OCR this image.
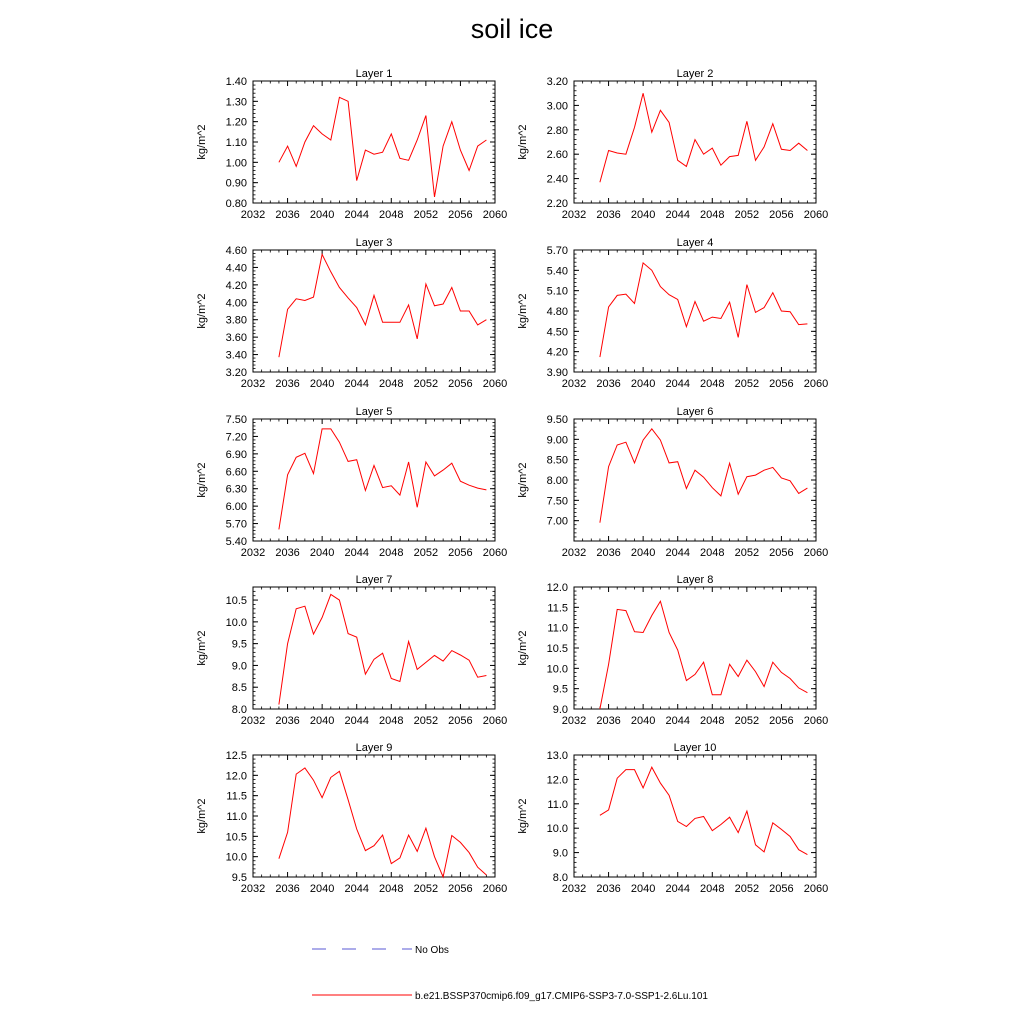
soil ice
Layer 1
kg/m^2
2032 2036 2040 2044 2048 2052 2056 2060
0.80
0.90
1.00
1.10
1.20
1.30
1.40
Layer 2
kg/m^2
2032 2036 2040 2044 2048 2052 2056 2060
2.20
2.40
2.60
2.80
3.00
3.20
Layer 3
kg/m^2
2032 2036 2040 2044 2048 2052 2056 2060
3.20
3.40
3.60
3.80
4.00
4.20
4.40
4.60
Layer 4
kg/m^2
2032 2036 2040 2044 2048 2052 2056 2060
3.90
4.20
4.50
4.80
5.10
5.40
5.70
Layer 5
kg/m^2
2032 2036 2040 2044 2048 2052 2056 2060
5.40
5.70
6.00
6.30
6.60
6.90
7.20
7.50
Layer 6
kg/m^2
2032 2036 2040 2044 2048 2052 2056 2060
7.00
7.50
8.00
8.50
9.00
9.50
Layer 7
kg/m^2
2032 2036 2040 2044 2048 2052 2056 2060
8.0
8.5
9.0
9.5
10.0
10.5
Layer 8
kg/m^2
2032 2036 2040 2044 2048 2052 2056 2060
9.0
9.5
10.0
10.5
11.0
11.5
12.0
Layer 9
kg/m^2
2032 2036 2040 2044 2048 2052 2056 2060
9.5
10.0
10.5
11.0
11.5
12.0
12.5
Layer 10
kg/m^2
2032 2036 2040 2044 2048 2052 2056 2060
8.0
9.0
10.0
11.0
12.0
13.0
No Obs
b.e21.BSSP370cmip6.f09_g17.CMIP6-SSP3-7.0-SSP1-2.6Lu.101
